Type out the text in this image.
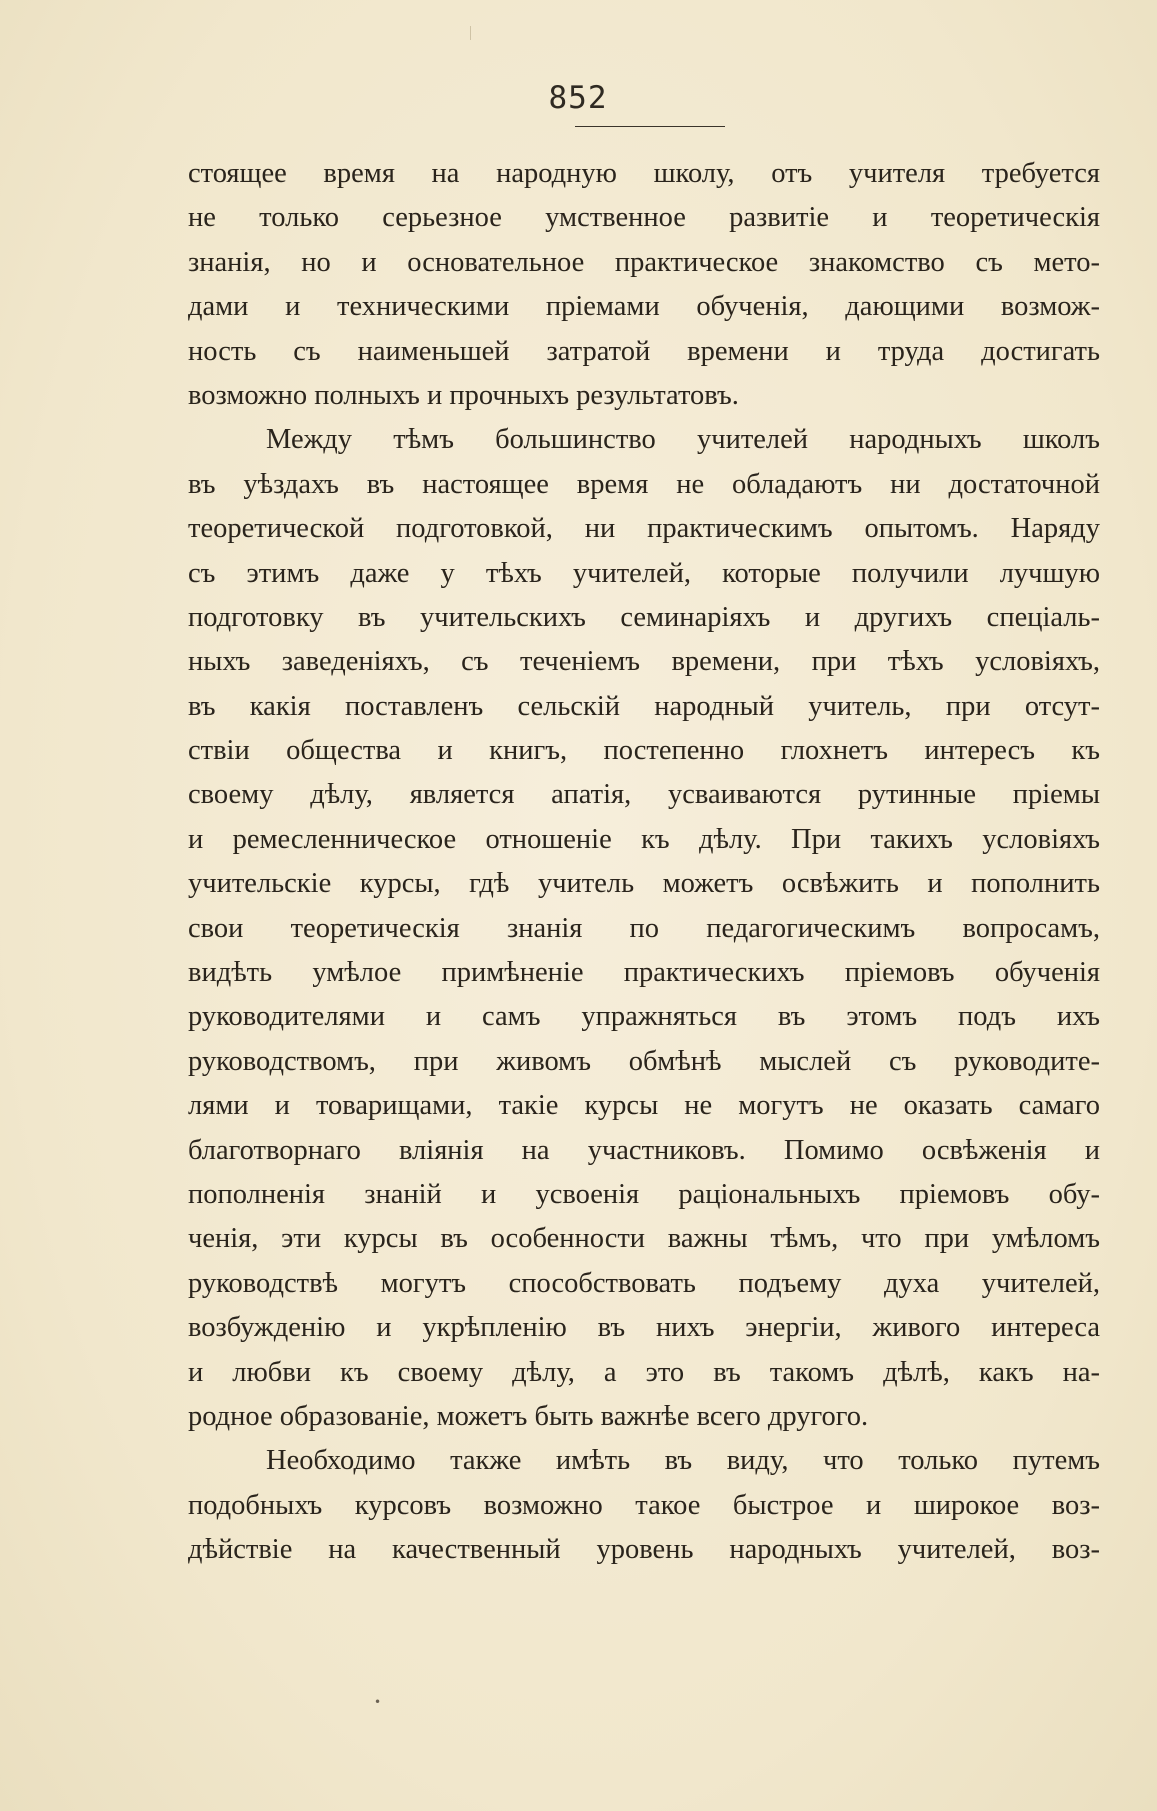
852
стоящее время на народную школу, отъ учителя требуется
не только серьезное умственное развитіе и теоретическія
знанія, но и основательное практическое знакомство съ мето-
дами и техническими пріемами обученія, дающими возмож-
ность съ наименьшей затратой времени и труда достигать
возможно полныхъ и прочныхъ результатовъ.
Между тѣмъ большинство учителей народныхъ школъ
въ уѣздахъ въ настоящее время не обладаютъ ни достаточной
теоретической подготовкой, ни практическимъ опытомъ. Наряду
съ этимъ даже у тѣхъ учителей, которые получили лучшую
подготовку въ учительскихъ семинаріяхъ и другихъ спеціаль-
ныхъ заведеніяхъ, съ теченіемъ времени, при тѣхъ условіяхъ,
въ какія поставленъ сельскій народный учитель, при отсут-
ствіи общества и книгъ, постепенно глохнетъ интересъ къ
своему дѣлу, является апатія, усваиваются рутинные пріемы
и ремесленническое отношеніе къ дѣлу. При такихъ условіяхъ
учительскіе курсы, гдѣ учитель можетъ освѣжить и пополнить
свои теоретическія знанія по педагогическимъ вопросамъ,
видѣть умѣлое примѣненіе практическихъ пріемовъ обученія
руководителями и самъ упражняться въ этомъ подъ ихъ
руководствомъ, при живомъ обмѣнѣ мыслей съ руководите-
лями и товарищами, такіе курсы не могутъ не оказать самаго
благотворнаго вліянія на участниковъ. Помимо освѣженія и
пополненія знаній и усвоенія раціональныхъ пріемовъ обу-
ченія, эти курсы въ особенности важны тѣмъ, что при умѣломъ
руководствѣ могутъ способствовать подъему духа учителей,
возбужденію и укрѣпленію въ нихъ энергіи, живого интереса
и любви къ своему дѣлу, а это въ такомъ дѣлѣ, какъ на-
родное образованіе, можетъ быть важнѣе всего другого.
Необходимо также имѣть въ виду, что только путемъ
подобныхъ курсовъ возможно такое быстрое и широкое воз-
дѣйствіе на качественный уровень народныхъ учителей, воз-
•
